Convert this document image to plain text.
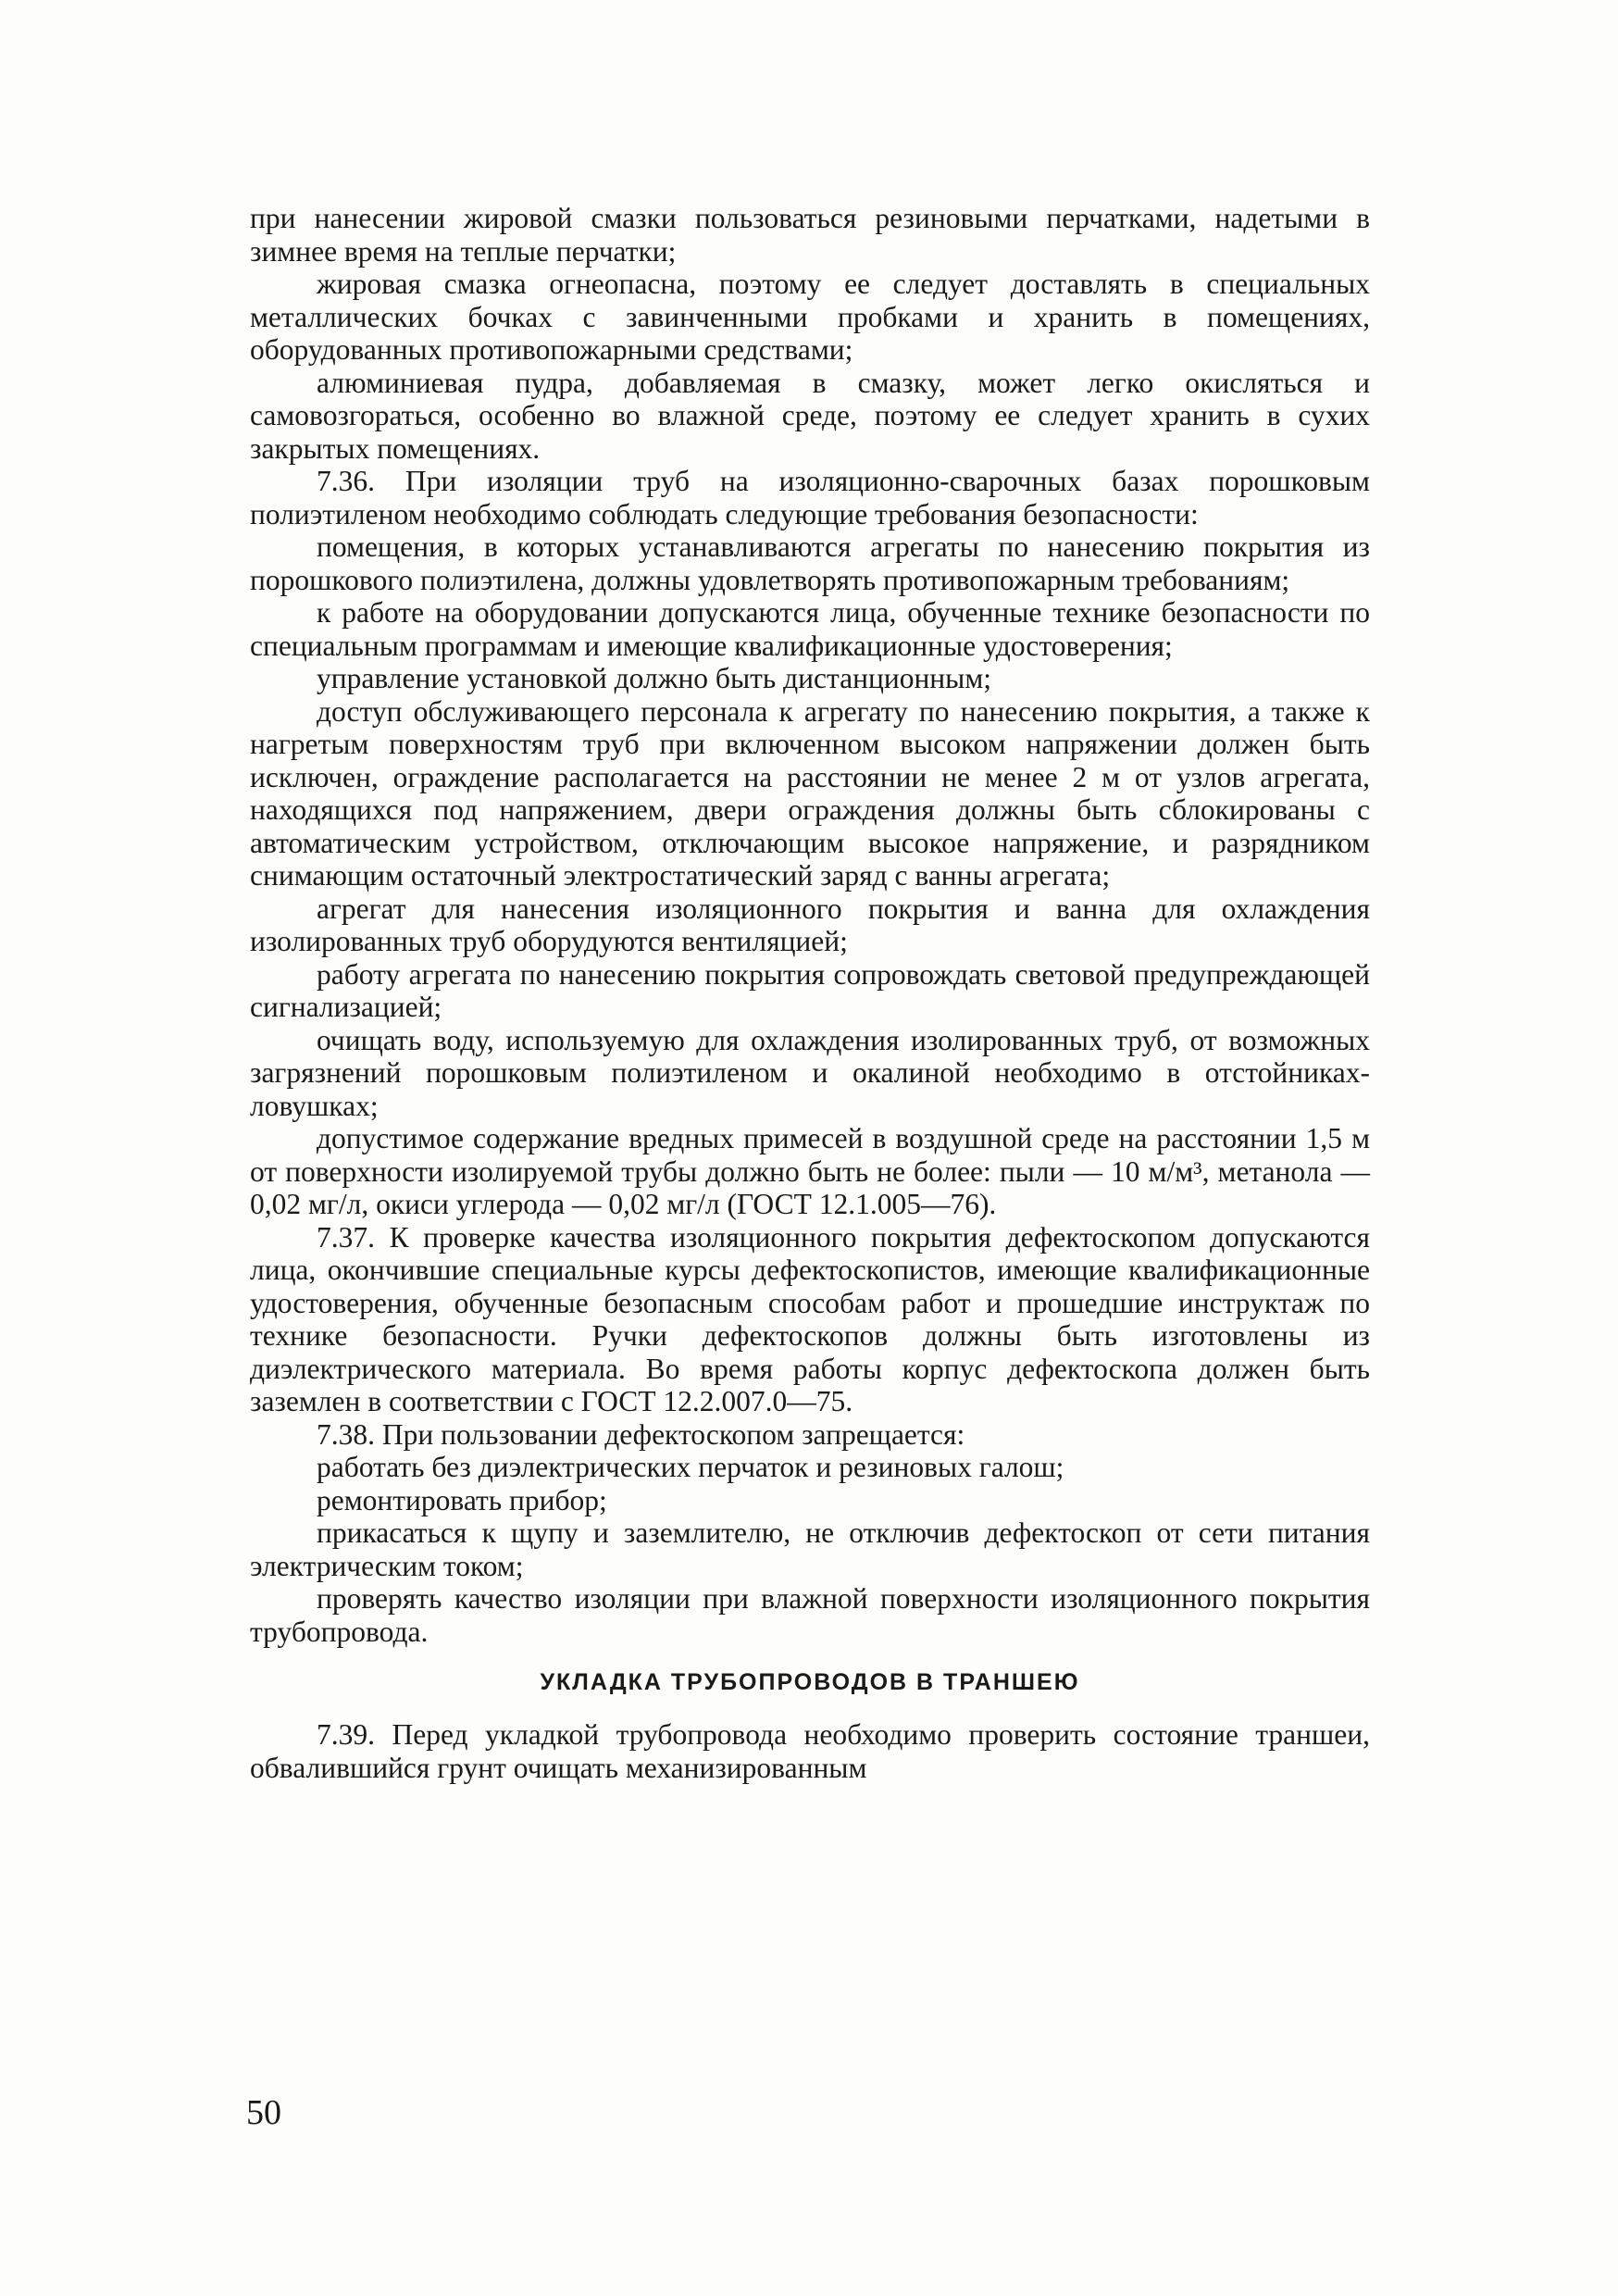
при нанесении жировой смазки пользоваться резиновыми перчатками, надетыми в зимнее время на теплые перчатки;

жировая смазка огнеопасна, поэтому ее следует доставлять в специальных металлических бочках с завинченными пробками и хранить в помещениях, оборудованных противопожарными средствами;

алюминиевая пудра, добавляемая в смазку, может легко окисляться и самовозгораться, особенно во влажной среде, поэтому ее следует хранить в сухих закрытых помещениях.

7.36. При изоляции труб на изоляционно-сварочных базах порошковым полиэтиленом необходимо соблюдать следующие требования безопасности:

помещения, в которых устанавливаются агрегаты по нанесению покрытия из порошкового полиэтилена, должны удовлетворять противопожарным требованиям;

к работе на оборудовании допускаются лица, обученные технике безопасности по специальным программам и имеющие квалификационные удостоверения;

управление установкой должно быть дистанционным;

доступ обслуживающего персонала к агрегату по нанесению покрытия, а также к нагретым поверхностям труб при включенном высоком напряжении должен быть исключен, ограждение располагается на расстоянии не менее 2 м от узлов агрегата, находящихся под напряжением, двери ограждения должны быть сблокированы с автоматическим устройством, отключающим высокое напряжение, и разрядником снимающим остаточный электростатический заряд с ванны агрегата;

агрегат для нанесения изоляционного покрытия и ванна для охлаждения изолированных труб оборудуются вентиляцией;

работу агрегата по нанесению покрытия сопровождать световой предупреждающей сигнализацией;

очищать воду, используемую для охлаждения изолированных труб, от возможных загрязнений порошковым полиэтиленом и окалиной необходимо в отстойниках-ловушках;

допустимое содержание вредных примесей в воздушной среде на расстоянии 1,5 м от поверхности изолируемой трубы должно быть не более: пыли — 10 м/м³, метанола — 0,02 мг/л, окиси углерода — 0,02 мг/л (ГОСТ 12.1.005—76).

7.37. К проверке качества изоляционного покрытия дефектоскопом допускаются лица, окончившие специальные курсы дефектоскопистов, имеющие квалификационные удостоверения, обученные безопасным способам работ и прошедшие инструктаж по технике безопасности. Ручки дефектоскопов должны быть изготовлены из диэлектрического материала. Во время работы корпус дефектоскопа должен быть заземлен в соответствии с ГОСТ 12.2.007.0—75.

7.38. При пользовании дефектоскопом запрещается:

работать без диэлектрических перчаток и резиновых галош;

ремонтировать прибор;

прикасаться к щупу и заземлителю, не отключив дефектоскоп от сети питания электрическим током;

проверять качество изоляции при влажной поверхности изоляционного покрытия трубопровода.

УКЛАДКА ТРУБОПРОВОДОВ В ТРАНШЕЮ

7.39. Перед укладкой трубопровода необходимо проверить состояние траншеи, обвалившийся грунт очищать механизированным

50
